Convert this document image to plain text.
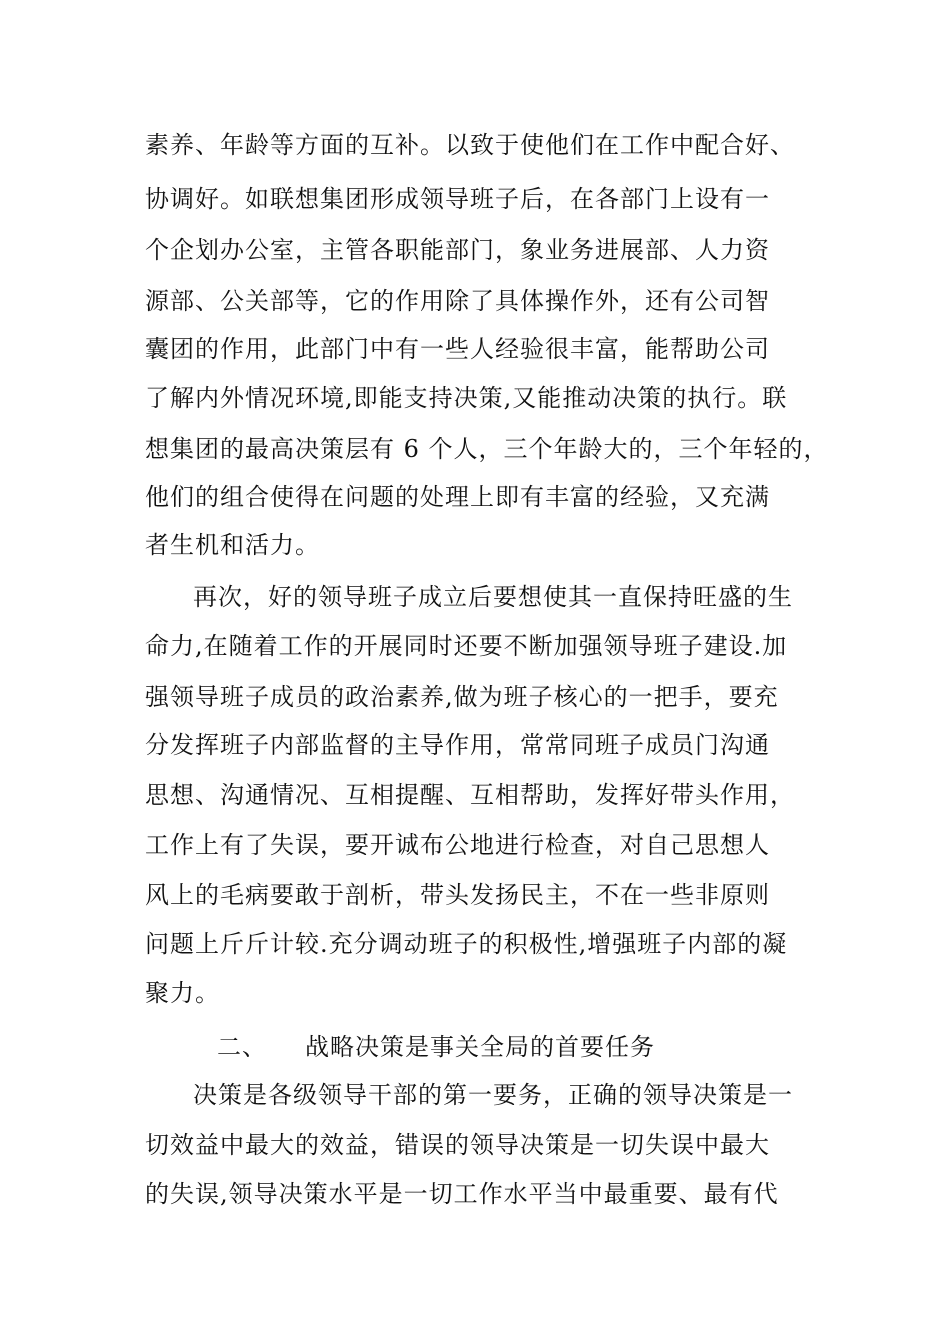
素养、年龄等方面的互补。以致于使他们在工作中配合好、
协调好。如联想集团形成领导班子后，在各部门上设有一
个企划办公室，主管各职能部门，象业务进展部、人力资
源部、公关部等，它的作用除了具体操作外，还有公司智
囊团的作用，此部门中有一些人经验很丰富，能帮助公司
了解内外情况环境,即能支持决策,又能推动决策的执行。联
想集团的最高决策层有 6 个人，三个年龄大的，三个年轻的，
他们的组合使得在问题的处理上即有丰富的经验，又充满
者生机和活力。
再次，好的领导班子成立后要想使其一直保持旺盛的生
命力,在随着工作的开展同时还要不断加强领导班子建设.加
强领导班子成员的政治素养,做为班子核心的一把手，要充
分发挥班子内部监督的主导作用，常常同班子成员门沟通
思想、沟通情况、互相提醒、互相帮助，发挥好带头作用，
工作上有了失误，要开诚布公地进行检查，对自己思想人
风上的毛病要敢于剖析，带头发扬民主，不在一些非原则
问题上斤斤计较.充分调动班子的积极性,增强班子内部的凝
聚力。
二、 战略决策是事关全局的首要任务
决策是各级领导干部的第一要务，正确的领导决策是一
切效益中最大的效益，错误的领导决策是一切失误中最大
的失误,领导决策水平是一切工作水平当中最重要、最有代
